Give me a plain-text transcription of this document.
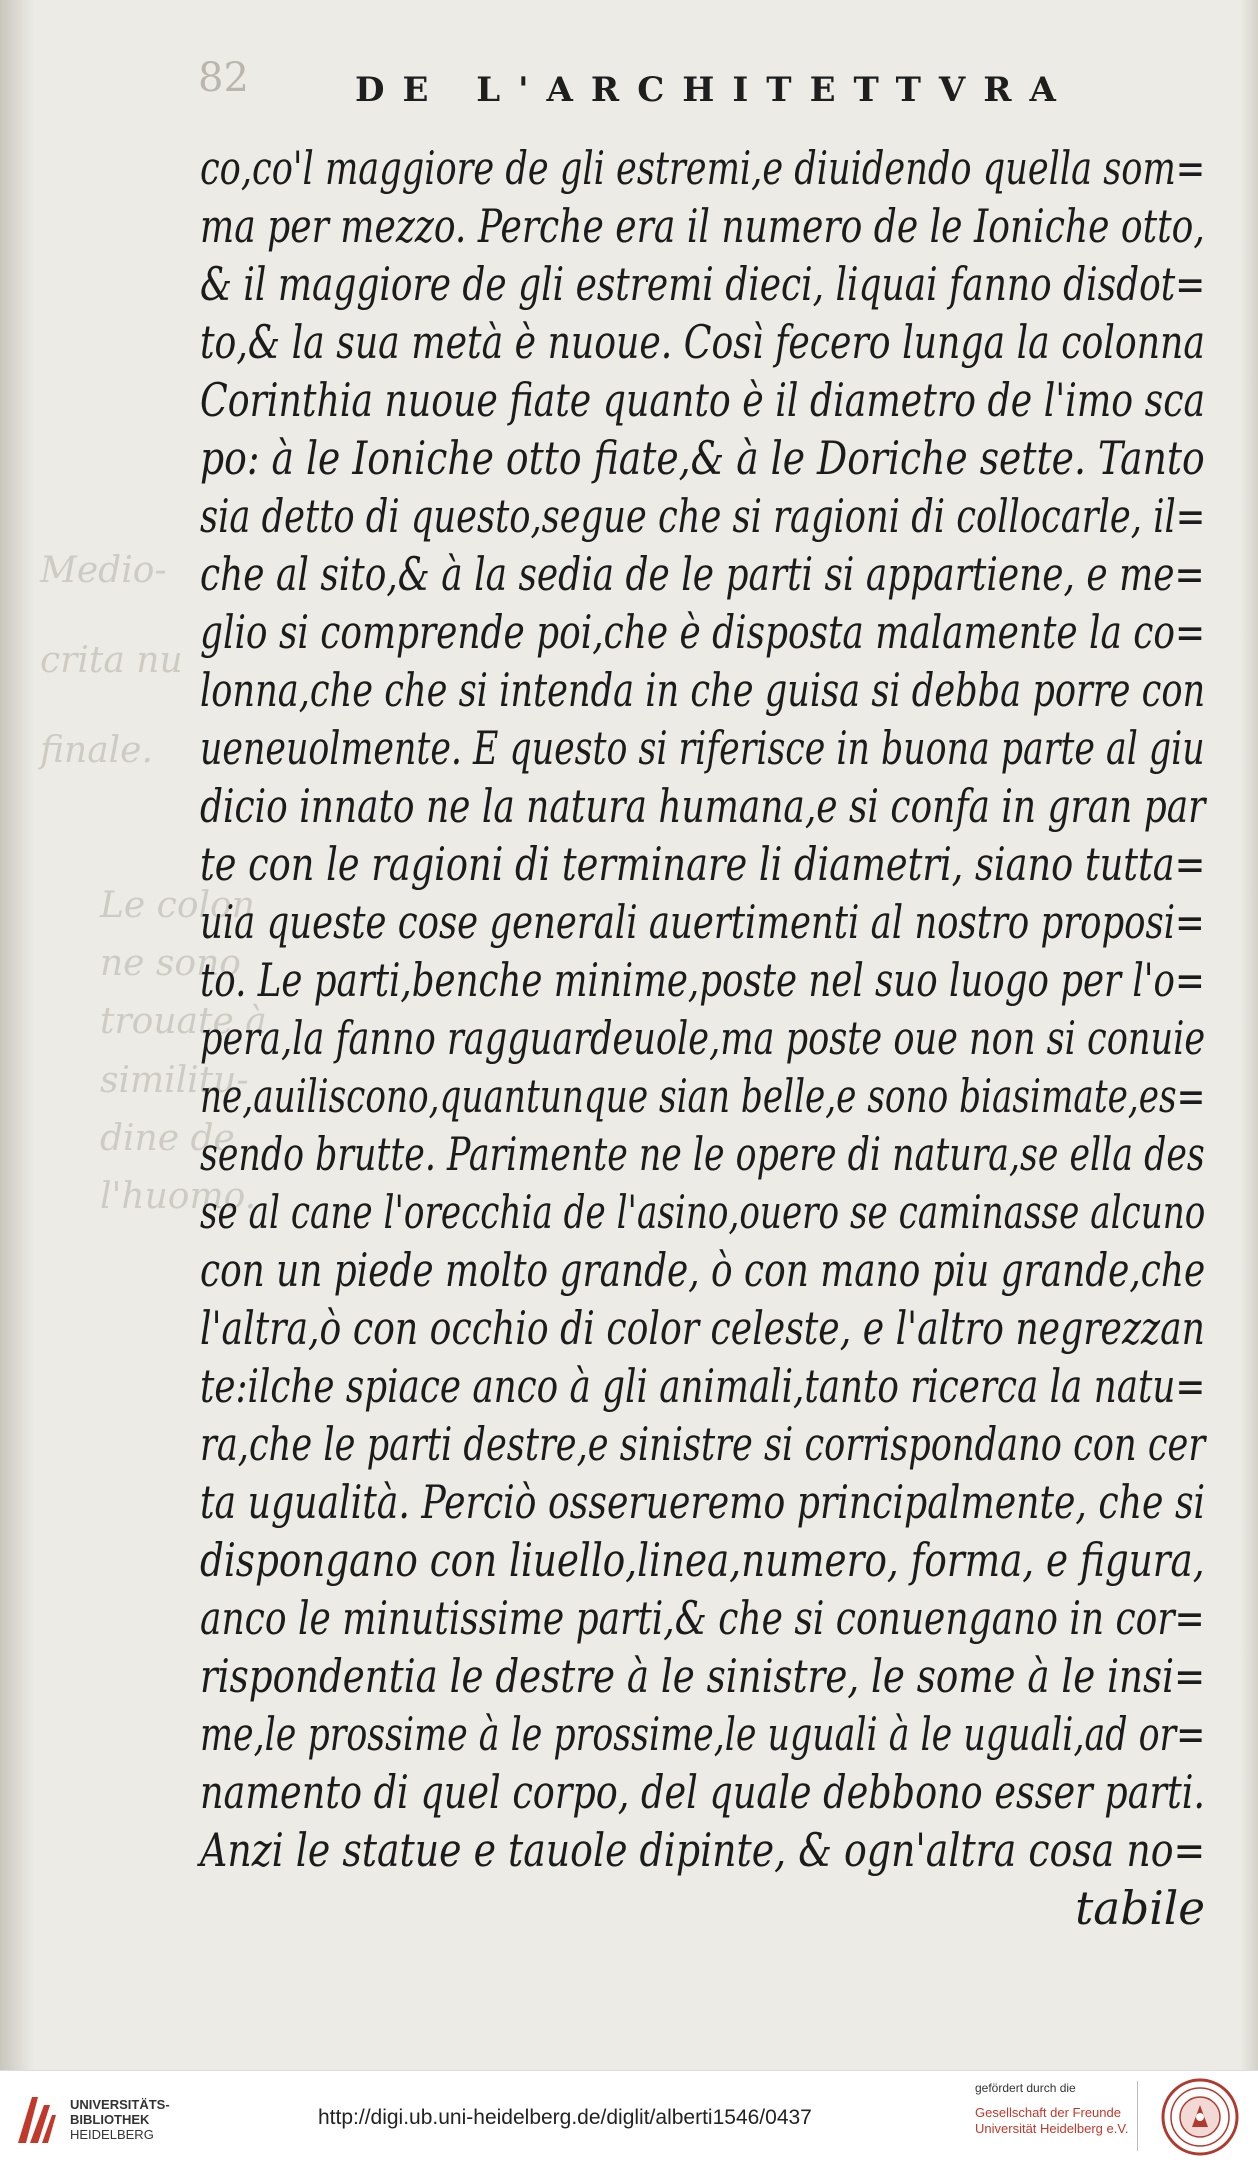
Medio-
crita nu
finale.
Le colon
ne sono
trouate à
similitu-
dine de
l'huomo.
82	DE L'ARCHITETTVRA
co,co'l maggiore de gli estremi,e diuidendo quella som=
ma per mezzo. Perche era il numero de le Ioniche otto,
& il maggiore de gli estremi dieci, liquai fanno disdot=
to,& la sua metà è nuoue. Così fecero lunga la colonna
Corinthia nuoue fiate quanto è il diametro de l'imo sca
po: à le Ioniche otto fiate,& à le Doriche sette. Tanto
sia detto di questo,segue che si ragioni di collocarle, il=
che al sito,& à la sedia de le parti si appartiene, e me=
glio si comprende poi,che è disposta malamente la co=
lonna,che che si intenda in che guisa si debba porre con
ueneuolmente. E questo si riferisce in buona parte al giu
dicio innato ne la natura humana,e si confa in gran par
te con le ragioni di terminare li diametri, siano tutta=
uia queste cose generali auertimenti al nostro proposi=
to. Le parti,benche minime,poste nel suo luogo per l'o=
pera,la fanno ragguardeuole,ma poste oue non si conuie
ne,auiliscono,quantunque sian belle,e sono biasimate,es=
sendo brutte. Parimente ne le opere di natura,se ella des
se al cane l'orecchia de l'asino,ouero se caminasse alcuno
con un piede molto grande, ò con mano piu grande,che
l'altra,ò con occhio di color celeste, e l'altro negrezzan
te:ilche spiace anco à gli animali,tanto ricerca la natu=
ra,che le parti destre,e sinistre si corrispondano con cer
ta ugualità. Perciò osserueremo principalmente, che si
dispongano con liuello,linea,numero, forma, e figura,
anco le minutissime parti,& che si conuengano in cor=
rispondentia le destre à le sinistre, le some à le insi=
me,le prossime à le prossime,le uguali à le uguali,ad or=
namento di quel corpo, del quale debbono esser parti.
Anzi le statue e tauole dipinte, & ogn'altra cosa no=
tabile
UNIVERSITÄTS-
BIBLIOTHEK
HEIDELBERG
http://digi.ub.uni-heidelberg.de/diglit/alberti1546/0437
gefördert durch die
Gesellschaft der Freunde
Universität Heidelberg e.V.
